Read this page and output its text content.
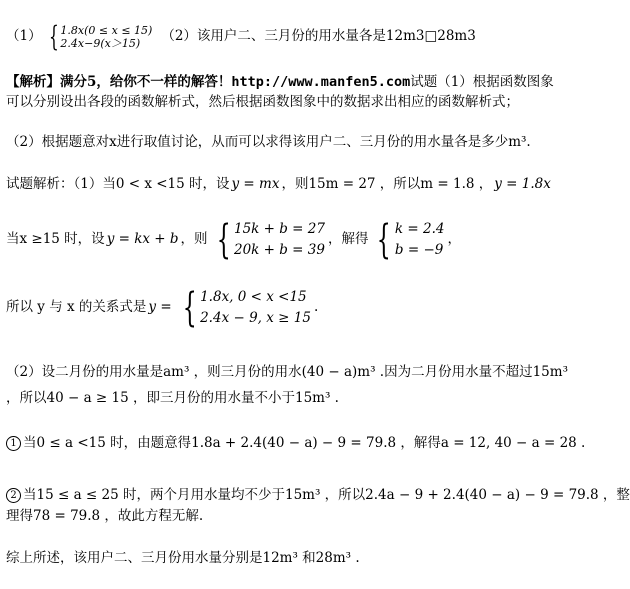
（1） { 1.8x(0 ≤ x ≤ 15)
2.4x−9(x＞15)	（2）该用户二、三月份的用水量各是12m3□28m3
【解析】满分5，给你不一样的解答！http://www.manfen5.com试题（1）根据函数图象
可以分别设出各段的函数解析式，然后根据函数图象中的数据求出相应的函数解析式；
（2）根据题意对x进行取值讨论，从而可以求得该用户二、三月份的用水量各是多少m³.
试题解析：（1）当0 < x <15 时，设 y = mx ，则15m = 27 ，所以m = 1.8 ， y = 1.8x
当x ≥15 时，设 y = kx + b ，则 { 15k + b = 27
20k + b = 39
，解得 { k = 2.4
b = −9
，
所以 y 与 x 的关系式是 y = { 1.8x, 0 < x <15
2.4x − 9, x ≥ 15
.
（2）设二月份的用水量是am³ ，则三月份的用水(40 − a)m³ .因为二月份用水量不超过15m³
，所以40 − a ≥ 15 ，即三月份的用水量不小于15m³ .
1 当0 ≤ a <15 时，由题意得1.8a + 2.4(40 − a) − 9 = 79.8 ，解得a = 12, 40 − a = 28 .
2 当15 ≤ a ≤ 25 时，两个月用水量均不少于15m³ ，所以2.4a − 9 + 2.4(40 − a) − 9 = 79.8 ，整
理得78 = 79.8 ，故此方程无解.
综上所述，该用户二、三月份用水量分别是12m³ 和28m³ .
